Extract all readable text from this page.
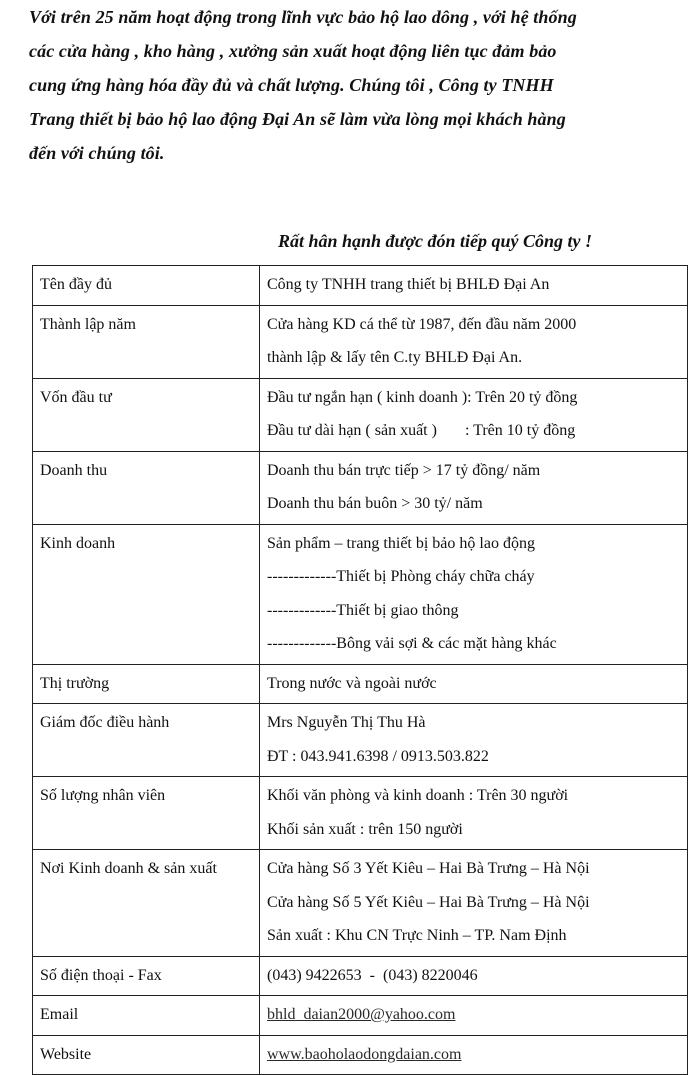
Với trên 25 năm hoạt động trong lĩnh vực bảo hộ lao dông , với hệ thống
các cửa hàng , kho hàng , xưởng sản xuất hoạt động liên tục đảm bảo
cung ứng hàng hóa đầy đủ và chất lượng. Chúng tôi , Công ty TNHH
Trang thiết bị bảo hộ lao động Đại An sẽ làm vừa lòng mọi khách hàng
đến với chúng tôi.
Rất hân hạnh được đón tiếp quý Công ty !
Tên đầy đủ	Công ty TNHH trang thiết bị BHLĐ Đại An

Thành lập năm	Cửa hàng KD cá thể từ 1987, đến đầu năm 2000
thành lập & lấy tên C.ty BHLĐ Đại An.

Vốn đầu tư	Đầu tư ngắn hạn ( kinh doanh ): Trên 20 tỷ đồng
Đầu tư dài hạn ( sản xuất )       : Trên 10 tỷ đồng

Doanh thu	Doanh thu bán trực tiếp > 17 tỷ đồng/ năm
Doanh thu bán buôn > 30 tỷ/ năm

Kinh doanh	Sản phẩm – trang thiết bị bảo hộ lao động
-------------Thiết bị Phòng cháy chữa cháy
-------------Thiết bị giao thông
-------------Bông vải sợi & các mặt hàng khác

Thị trường	Trong nước và ngoài nước

Giám đốc điều hành	Mrs Nguyễn Thị Thu Hà
ĐT : 043.941.6398 / 0913.503.822

Số lượng nhân viên	Khối văn phòng và kinh doanh : Trên 30 người
Khối sản xuất : trên 150 người

Nơi Kinh doanh & sản xuất	Cửa hàng Số 3 Yết Kiêu – Hai Bà Trưng – Hà Nội
Cửa hàng Số 5 Yết Kiêu – Hai Bà Trưng – Hà Nội
Sản xuất : Khu CN Trực Ninh – TP. Nam Định

Số điện thoại - Fax	(043) 9422653  -  (043) 8220046

Email	bhld_daian2000@yahoo.com

Website	www.baoholaodongdaian.com
